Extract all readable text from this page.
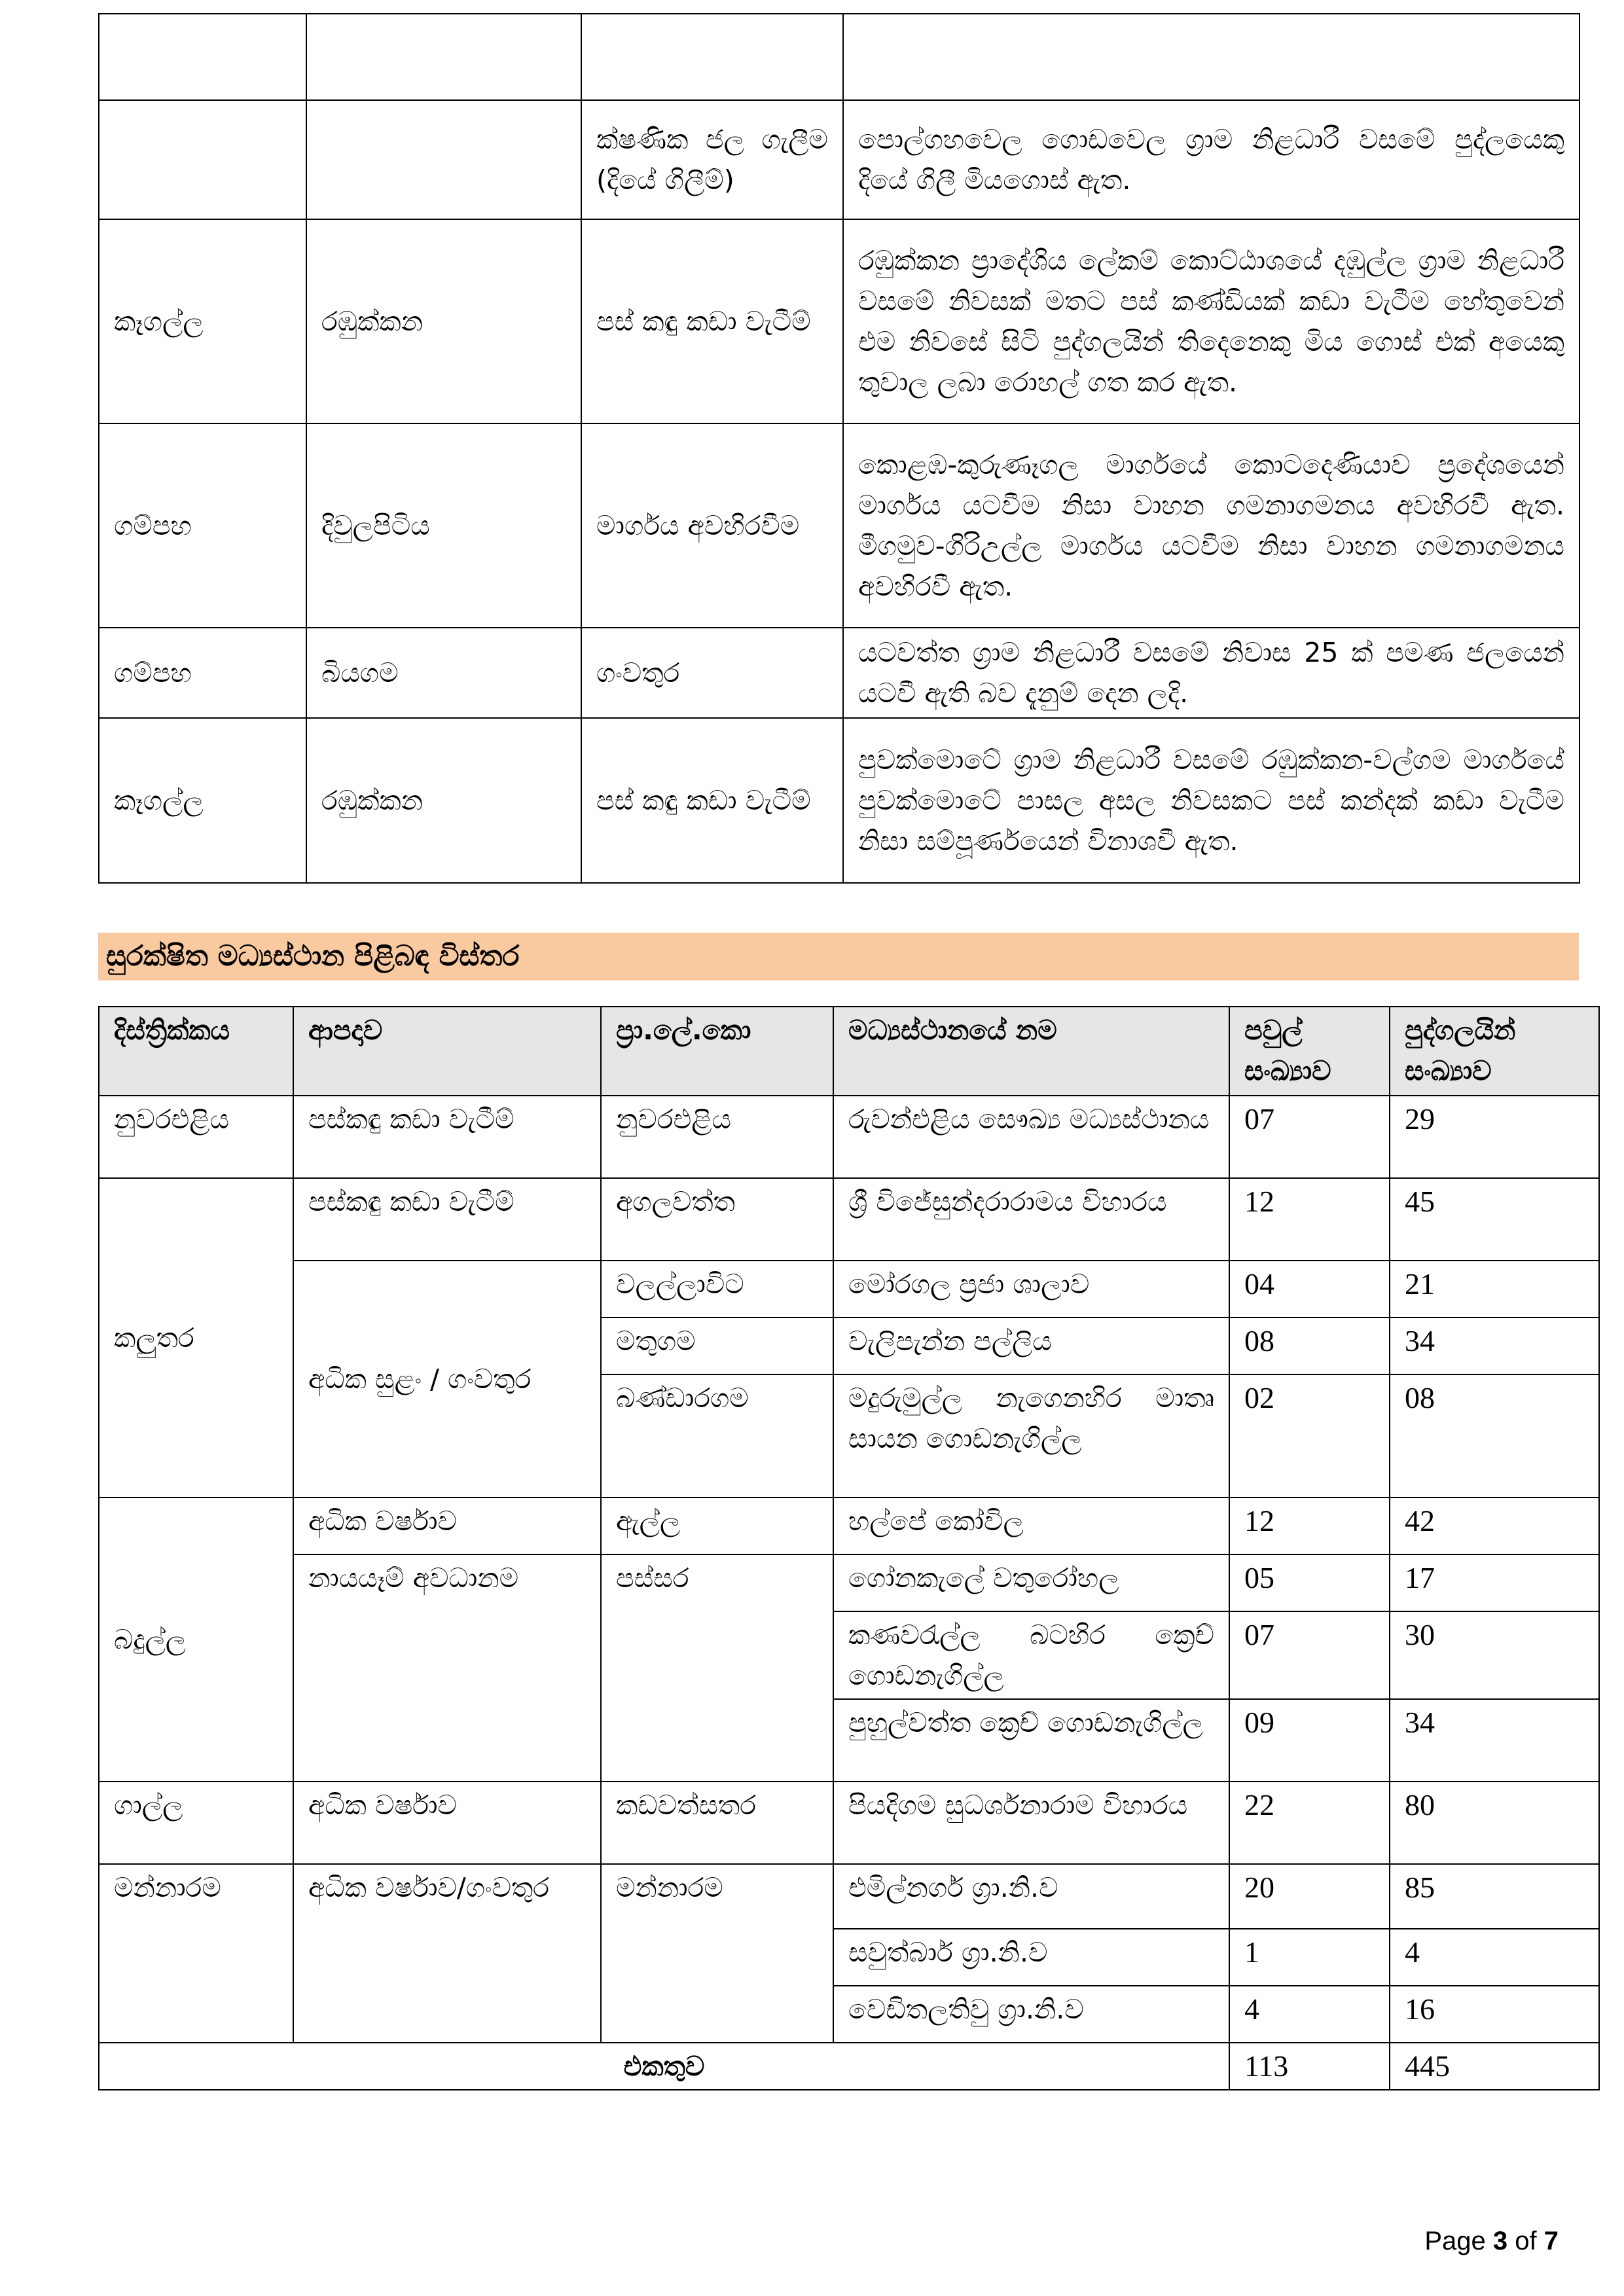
		ක්ෂණික ජල ගැලීම (දියේ ගිලීම්)	පොල්ගහවෙල ගොඩවෙල ග්‍රාම නිළධාරී වසමේ පුද්ලයෙකු දියේ ගිලී මියගොස් ඇත.
කෑගල්ල	රඹුක්කන	පස් කඳු කඩා වැටීම්	රඹුක්කන ප්‍රාදේශිය ලේකම් කොට්ඨාශයේ දඹුල්ල ග්‍රාම නිළධාරී වසමේ නිවසක් මතට පස් කණ්ඩියක් කඩා වැටීම හේතුවෙන් එම නිවසේ සිටි පුද්ගලයින් තිදෙනෙකු මිය ගොස් එක් අයෙකු තුවාල ලබා රොහල් ගත කර ඇත.
ගම්පහ	දිවුලපිටිය	මාර්ගය අවහිරවීම	කොළඹ-කුරුණෑගල මාර්ගයේ කොටදෙණියාව ප්‍රදේශයෙන් මාර්ගය යටවීම නිසා වාහන ගමනාගමනය අවහිරවී ඇත. මීගමුව-ගිරිඋල්ල මාර්ගය යටවීම නිසා වාහන ගමනාගමනය අවහිරවී ඇත.
ගම්පහ	බියගම	ගංවතුර	යටවත්ත ග්‍රාම නිළධාරී වසමේ නිවාස 25 ක් පමණ ජලයෙන් යටවී ඇති බව දැනුම් දෙන ලදි.
කෑගල්ල	රඹුක්කන	පස් කඳු කඩා වැටීම්	පුවක්මොටේ ග්‍රාම නිළධාරී වසමේ රඹුක්කන-වල්ගම මාර්ගයේ පුවක්මොටේ පාසල අසල නිවසකට පස් කන්දක් කඩා වැටීම නිසා සම්පූර්ණයෙන් විනාශවී ඇත.
සුරක්ෂිත මධ්‍යස්ථාන පිළිබඳ විස්තර
දිස්ත්‍රික්කය	ආපදාව	ප්‍රා.ලේ.කො	මධ්‍යස්ථානයේ නම	පවුල් සංඛ්‍යාව	පුද්ගලයින් සංඛ්‍යාව
නුවරඑළිය	පස්කඳු කඩා වැටීම්	නුවරඑළිය	රුවන්එළිය සෞඛ්‍ය මධ්‍යස්ථානය	07	29
කලුතර	පස්කඳු කඩා වැටීම්	අගලවත්ත	ශ්‍රී විජේසුන්දරාරාමය විහාරය	12	45
	අධික සුළං / ගංවතුර	වලල්ලාවිට	මෝරගල ප්‍රජා ශාලාව	04	21
		මතුගම	වැලිපැන්න පල්ලිය	08	34
		බණ්ඩාරගම	මදුරුමුල්ල නැගෙනහිර මාතෘ සායන ගොඩනැගිල්ල	02	08
බදුල්ල	අධික වර්ෂාව	ඇල්ල	හල්පේ කෝවිල	12	42
	නායයෑම් අවධානම	පස්සර	ගෝනකැලේ වතුරෝහල	05	17
			කණවරැල්ල බටහිර ක්‍රෙච් ගොඩනැගිල්ල	07	30
			පුහුල්වත්ත ක්‍රෙච් ගොඩනැගිල්ල	09	34
ගාල්ල	අධික වර්ෂාව	කඩවත්සතර	පියදිගම සුධර්ශනාරාම විහාරය	22	80
මන්නාරම	අධික වර්ෂාව/ගංවතුර	මන්නාරම	එමිල්නගර් ග්‍රා.නි.ව	20	85
			සවුත්බාර් ග්‍රා.නි.ව	1	4
			වෙඩිතලතිවු ග්‍රා.නි.ව	4	16
එකතුව				113	445
Page 3 of 7
